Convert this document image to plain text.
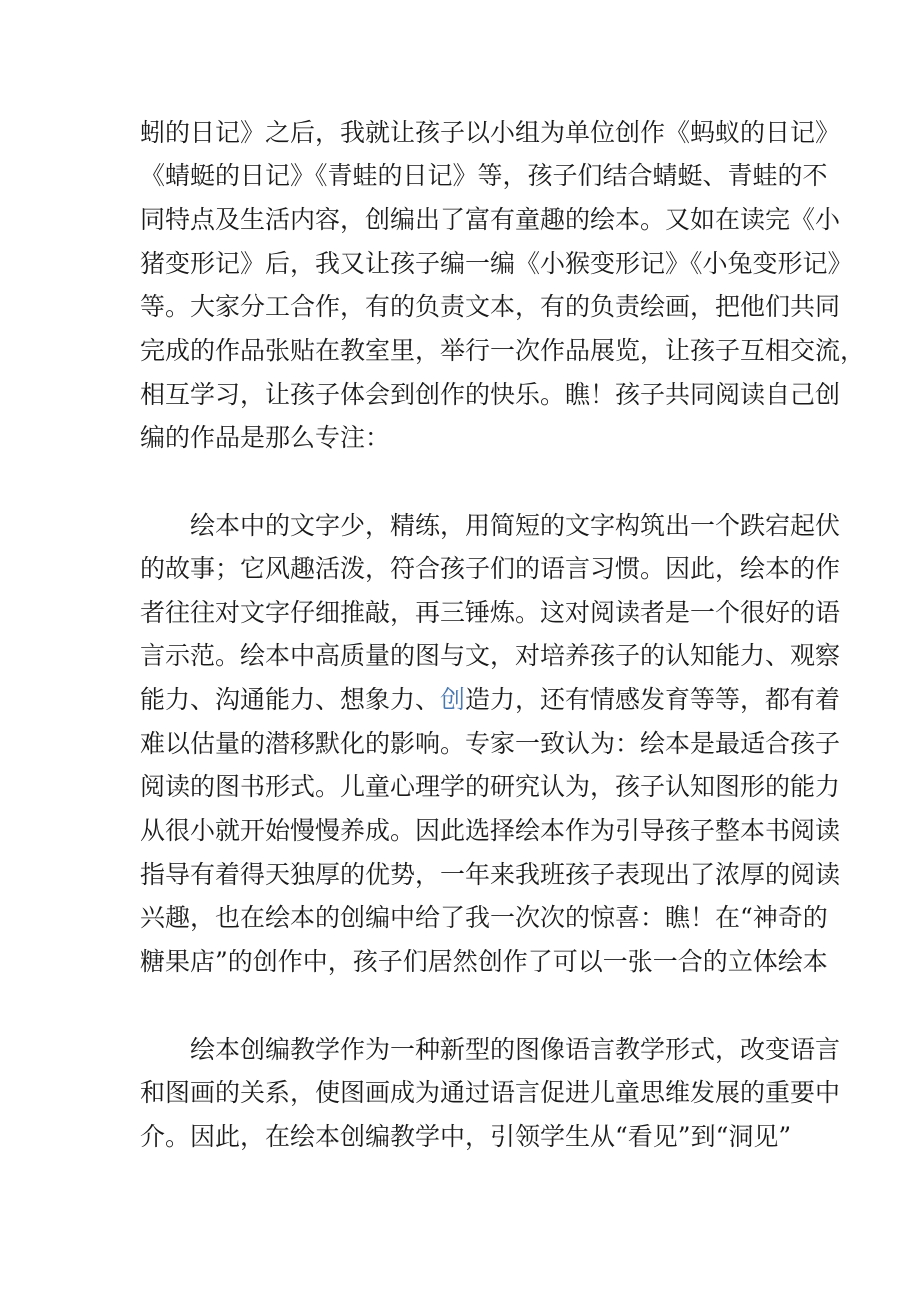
蚓的日记》之后，我就让孩子以小组为单位创作《蚂蚁的日记》
《蜻蜓的日记》《青蛙的日记》等，孩子们结合蜻蜓、青蛙的不
同特点及生活内容，创编出了富有童趣的绘本。又如在读完《小
猪变形记》后，我又让孩子编一编《小猴变形记》《小兔变形记》
等。大家分工合作，有的负责文本，有的负责绘画，把他们共同
完成的作品张贴在教室里，举行一次作品展览，让孩子互相交流，
相互学习，让孩子体会到创作的快乐。瞧！孩子共同阅读自己创
编的作品是那么专注：
绘本中的文字少，精练，用简短的文字构筑出一个跌宕起伏
的故事；它风趣活泼，符合孩子们的语言习惯。因此，绘本的作
者往往对文字仔细推敲，再三锤炼。这对阅读者是一个很好的语
言示范。绘本中高质量的图与文，对培养孩子的认知能力、观察
能力、沟通能力、想象力、创造力，还有情感发育等等，都有着
难以估量的潜移默化的影响。专家一致认为：绘本是最适合孩子
阅读的图书形式。儿童心理学的研究认为，孩子认知图形的能力
从很小就开始慢慢养成。因此选择绘本作为引导孩子整本书阅读
指导有着得天独厚的优势，一年来我班孩子表现出了浓厚的阅读
兴趣，也在绘本的创编中给了我一次次的惊喜：瞧！在“神奇的
糖果店”的创作中，孩子们居然创作了可以一张一合的立体绘本
绘本创编教学作为一种新型的图像语言教学形式，改变语言
和图画的关系，使图画成为通过语言促进儿童思维发展的重要中
介。因此，在绘本创编教学中，引领学生从“看见”到“洞见”
